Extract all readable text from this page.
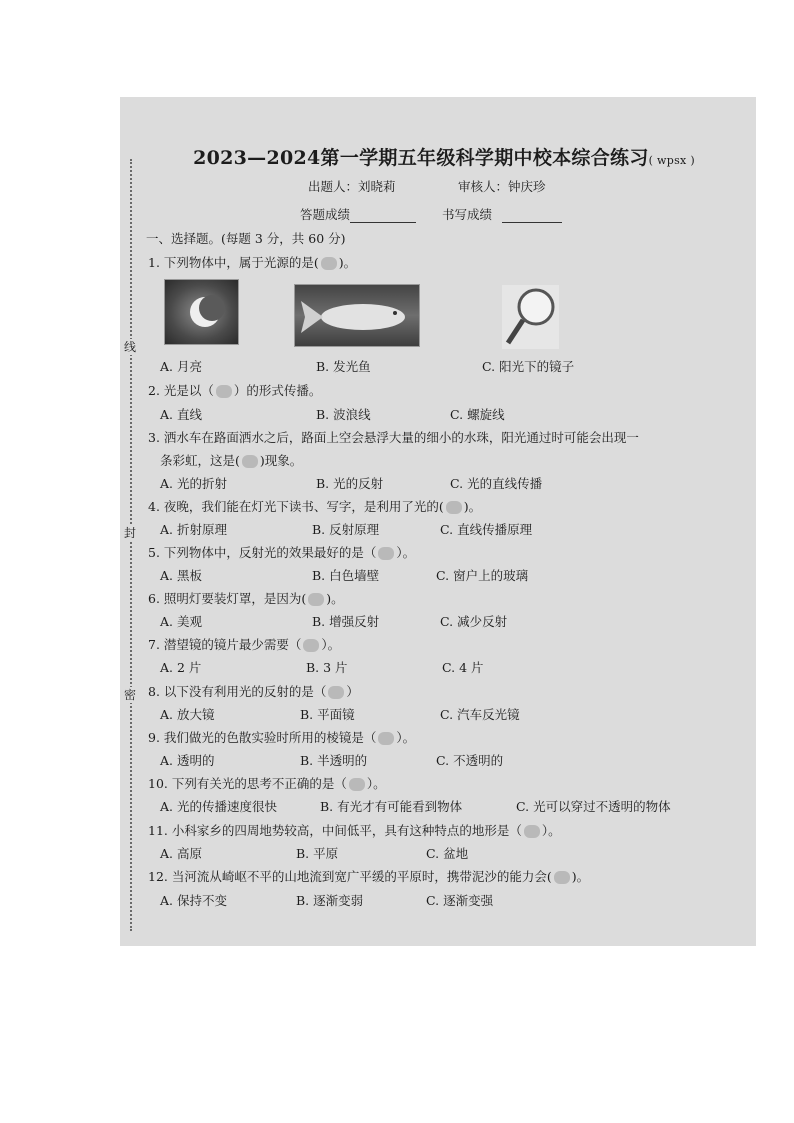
线
封
密
2023—2024第一学期五年级科学期中校本综合练习( wpsx )
出题人：刘晓莉	审核人：钟庆珍
答题成绩	书写成绩
一、选择题。(每题 3 分，共 60 分)
1. 下列物体中，属于光源的是( )。
A. 月亮	B. 发光鱼	C. 阳光下的镜子
2. 光是以（ ）的形式传播。
A. 直线	B. 波浪线	C. 螺旋线
3. 洒水车在路面洒水之后，路面上空会悬浮大量的细小的水珠，阳光通过时可能会出现一
条彩虹，这是( )现象。
A. 光的折射	B. 光的反射	C. 光的直线传播
4. 夜晚，我们能在灯光下读书、写字，是利用了光的( )。
A. 折射原理	B. 反射原理	C. 直线传播原理
5. 下列物体中，反射光的效果最好的是（ ）。
A. 黑板	B. 白色墙壁	C. 窗户上的玻璃
6. 照明灯要装灯罩，是因为( )。
A. 美观	B. 增强反射	C. 减少反射
7. 潜望镜的镜片最少需要（ ）。
A. 2 片	B. 3 片	C. 4 片
8. 以下没有利用光的反射的是（ ）
A. 放大镜	B. 平面镜	C. 汽车反光镜
9. 我们做光的色散实验时所用的棱镜是（ ）。
A. 透明的	B. 半透明的	C. 不透明的
10. 下列有关光的思考不正确的是（ ）。
A. 光的传播速度很快	B. 有光才有可能看到物体	C. 光可以穿过不透明的物体
11. 小科家乡的四周地势较高，中间低平，具有这种特点的地形是（ ）。
A. 高原	B. 平原	C. 盆地
12. 当河流从崎岖不平的山地流到宽广平缓的平原时，携带泥沙的能力会( )。
A. 保持不变	B. 逐渐变弱	C. 逐渐变强
